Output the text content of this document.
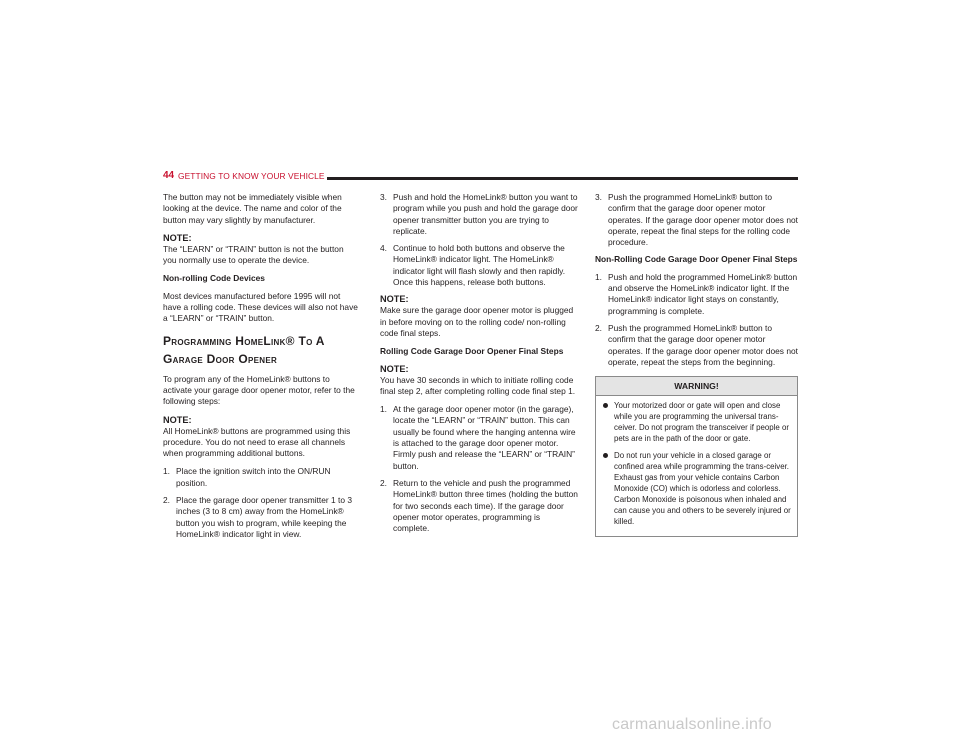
44 GETTING TO KNOW YOUR VEHICLE

The button may not be immediately visible when looking at the device. The name and color of the button may vary slightly by manufacturer.

NOTE:

The “LEARN” or “TRAIN” button is not the button you normally use to operate the device.

Non-rolling Code Devices

Most devices manufactured before 1995 will not have a rolling code. These devices will also not have a “LEARN” or “TRAIN” button.

Programming HomeLink® To A
Garage Door Opener

To program any of the HomeLink® buttons to activate your garage door opener motor, refer to the following steps:

NOTE:

All HomeLink® buttons are programmed using this procedure. You do not need to erase all channels when programming additional buttons.

1. Place the ignition switch into the ON/RUN position.
2. Place the garage door opener transmitter 1 to 3 inches (3 to 8 cm) away from the HomeLink® button you wish to program, while keeping the HomeLink® indicator light in view.
3. Push and hold the HomeLink® button you want to program while you push and hold the garage door opener transmitter button you are trying to replicate.
4. Continue to hold both buttons and observe the HomeLink® indicator light. The HomeLink® indicator light will flash slowly and then rapidly. Once this happens, release both buttons.
NOTE:

Make sure the garage door opener motor is plugged in before moving on to the rolling code/ non-rolling code final steps.

Rolling Code Garage Door Opener Final Steps

NOTE:

You have 30 seconds in which to initiate rolling code final step 2, after completing rolling code final step 1.

1. At the garage door opener motor (in the garage), locate the “LEARN” or “TRAIN” button. This can usually be found where the hanging antenna wire is attached to the garage door opener motor. Firmly push and release the “LEARN” or “TRAIN” button.
2. Return to the vehicle and push the programmed HomeLink® button three times (holding the button for two seconds each time). If the garage door opener motor operates, programming is complete.
3. Push the programmed HomeLink® button to confirm that the garage door opener motor operates. If the garage door opener motor does not operate, repeat the final steps for the rolling code procedure.

Non-Rolling Code Garage Door Opener Final Steps

1. Push and hold the programmed HomeLink® button and observe the HomeLink® indicator light. If the HomeLink® indicator light stays on constantly, programming is complete.
2. Push the programmed HomeLink® button to confirm that the garage door opener motor operates. If the garage door opener motor does not operate, repeat the steps from the beginning.
WARNING!
Your motorized door or gate will open and close while you are programming the universal trans-ceiver. Do not program the transceiver if people or pets are in the path of the door or gate.
Do not run your vehicle in a closed garage or confined area while programming the trans-ceiver. Exhaust gas from your vehicle contains Carbon Monoxide (CO) which is odorless and colorless. Carbon Monoxide is poisonous when inhaled and can cause you and others to be severely injured or killed.
carmanualsonline.info
